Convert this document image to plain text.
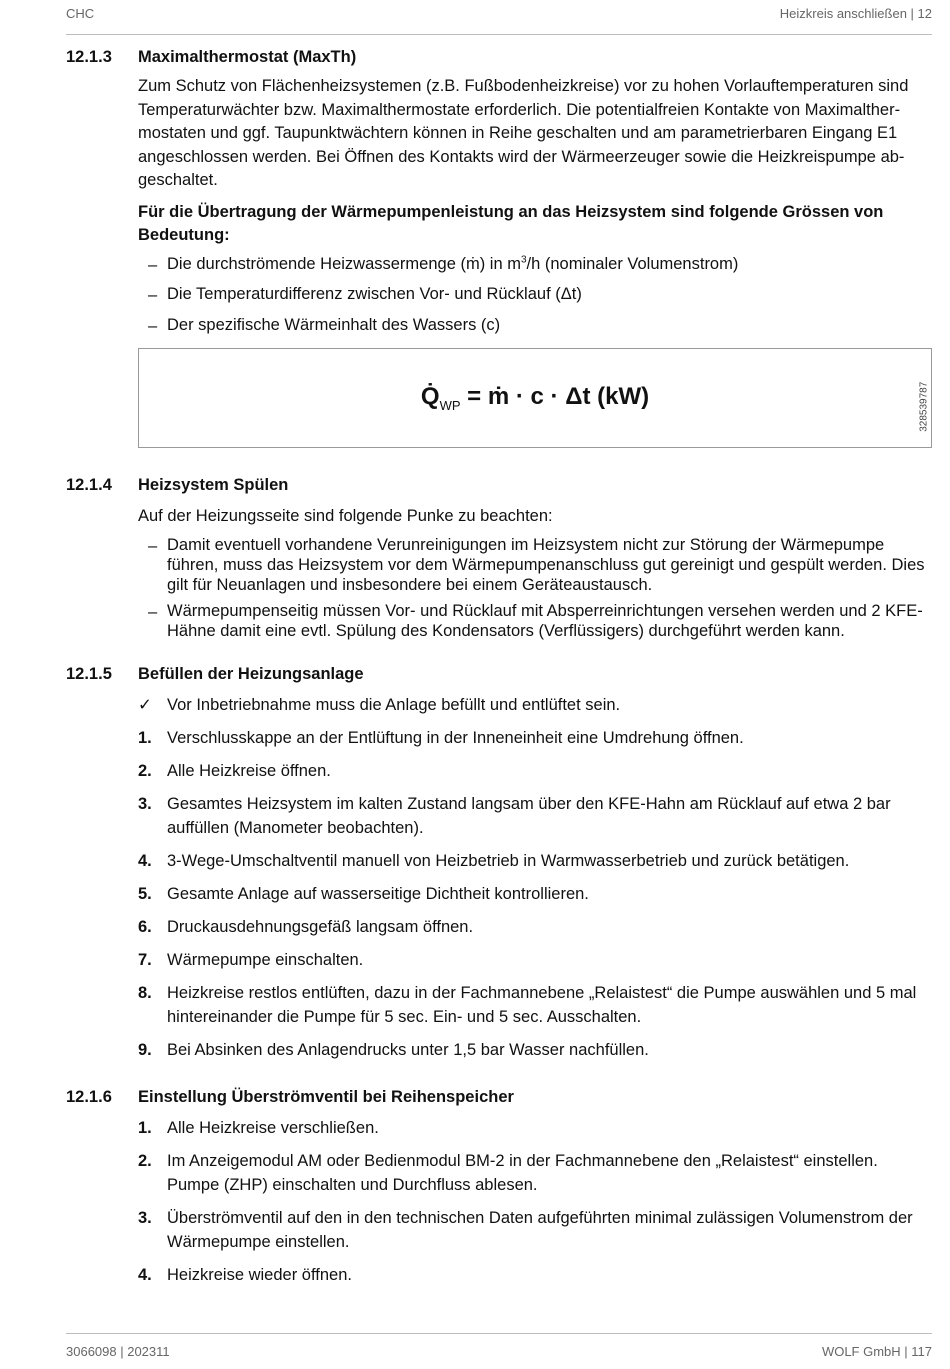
CHC	Heizkreis anschließen | 12
12.1.3	Maximalthermostat (MaxTh)

Zum Schutz von Flächenheizsystemen (z.B. Fußbodenheizkreise) vor zu hohen Vorlauftemperaturen sind Temperaturwächter bzw. Maximalthermostate erforderlich. Die potentialfreien Kontakte von Maximalther-mostaten und ggf. Taupunktwächtern können in Reihe geschalten und am parametrierbaren Eingang E1 angeschlossen werden. Bei Öffnen des Kontakts wird der Wärmeerzeuger sowie die Heizkreispumpe ab-geschaltet.

Für die Übertragung der Wärmepumpenleistung an das Heizsystem sind folgende Grössen von Bedeutung:

– Die durchströmende Heizwassermenge (ṁ) in $m^3/h$ (nominaler Volumenstrom)
– Die Temperaturdifferenz zwischen Vor- und Rücklauf (Δt)
– Der spezifische Wärmeinhalt des Wassers (c)
$Q̇_{WP}$ = ṁ · c · Δt (kW)	328539787
12.1.4	Heizsystem Spülen

Auf der Heizungsseite sind folgende Punke zu beachten:

– Damit eventuell vorhandene Verunreinigungen im Heizsystem nicht zur Störung der Wärmepumpe führen, muss das Heizsystem vor dem Wärmepumpenanschluss gut gereinigt und gespült werden. Dies gilt für Neuanlagen und insbesondere bei einem Geräteaustausch.
– Wärmepumpenseitig müssen Vor- und Rücklauf mit Absperreinrichtungen versehen werden und 2 KFE-Hähne damit eine evtl. Spülung des Kondensators (Verflüssigers) durchgeführt werden kann.
12.1.5	Befüllen der Heizungsanlage
✓ Vor Inbetriebnahme muss die Anlage befüllt und entlüftet sein.
1. Verschlusskappe an der Entlüftung in der Inneneinheit eine Umdrehung öffnen.
2. Alle Heizkreise öffnen.
3. Gesamtes Heizsystem im kalten Zustand langsam über den KFE-Hahn am Rücklauf auf etwa 2 bar auffüllen (Manometer beobachten).
4. 3-Wege-Umschaltventil manuell von Heizbetrieb in Warmwasserbetrieb und zurück betätigen.
5. Gesamte Anlage auf wasserseitige Dichtheit kontrollieren.
6. Druckausdehnungsgefäß langsam öffnen.
7. Wärmepumpe einschalten.
8. Heizkreise restlos entlüften, dazu in der Fachmannebene „Relaistest“ die Pumpe auswählen und 5 mal hintereinander die Pumpe für 5 sec. Ein- und 5 sec. Ausschalten.
9. Bei Absinken des Anlagendrucks unter 1,5 bar Wasser nachfüllen.
12.1.6	Einstellung Überströmventil bei Reihenspeicher
1. Alle Heizkreise verschließen.
2. Im Anzeigemodul AM oder Bedienmodul BM-2 in der Fachmannebene den „Relaistest“ einstellen. Pumpe (ZHP) einschalten und Durchfluss ablesen.
3. Überströmventil auf den in den technischen Daten aufgeführten minimal zulässigen Volumenstrom der Wärmepumpe einstellen.
4. Heizkreise wieder öffnen.
3066098 | 202311	WOLF GmbH | 117
